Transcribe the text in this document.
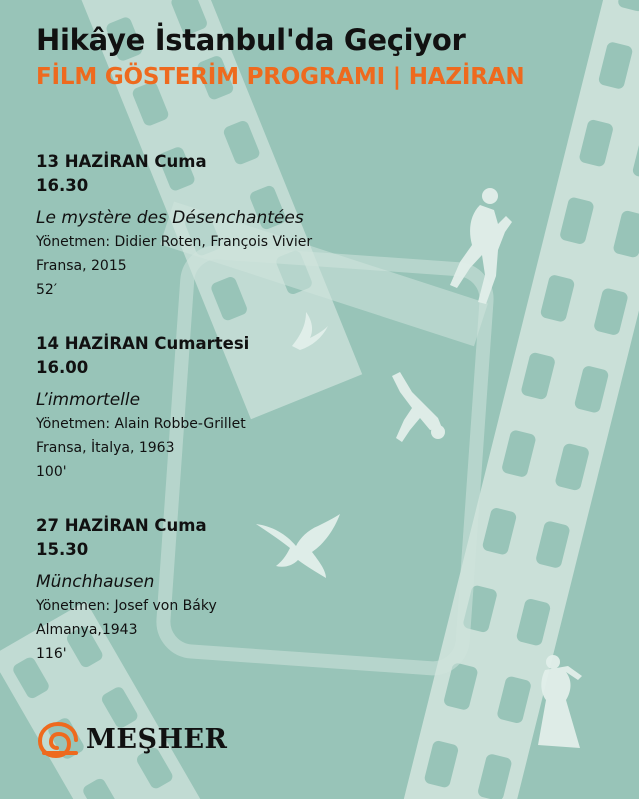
Hikâye İstanbul'da Geçiyor
FİLM GÖSTERİM PROGRAMI | HAZİRAN
13 HAZİRAN Cuma
16.30
Le mystère des Désenchantées
Yönetmen: Didier Roten, François Vivier
Fransa, 2015
52′
14 HAZİRAN Cumartesi
16.00
L’immortelle
Yönetmen: Alain Robbe-Grillet
Fransa, İtalya, 1963
100'
27 HAZİRAN Cuma
15.30
Münchhausen
Yönetmen: Josef von Báky
Almanya,1943
116'
MEŞHER
